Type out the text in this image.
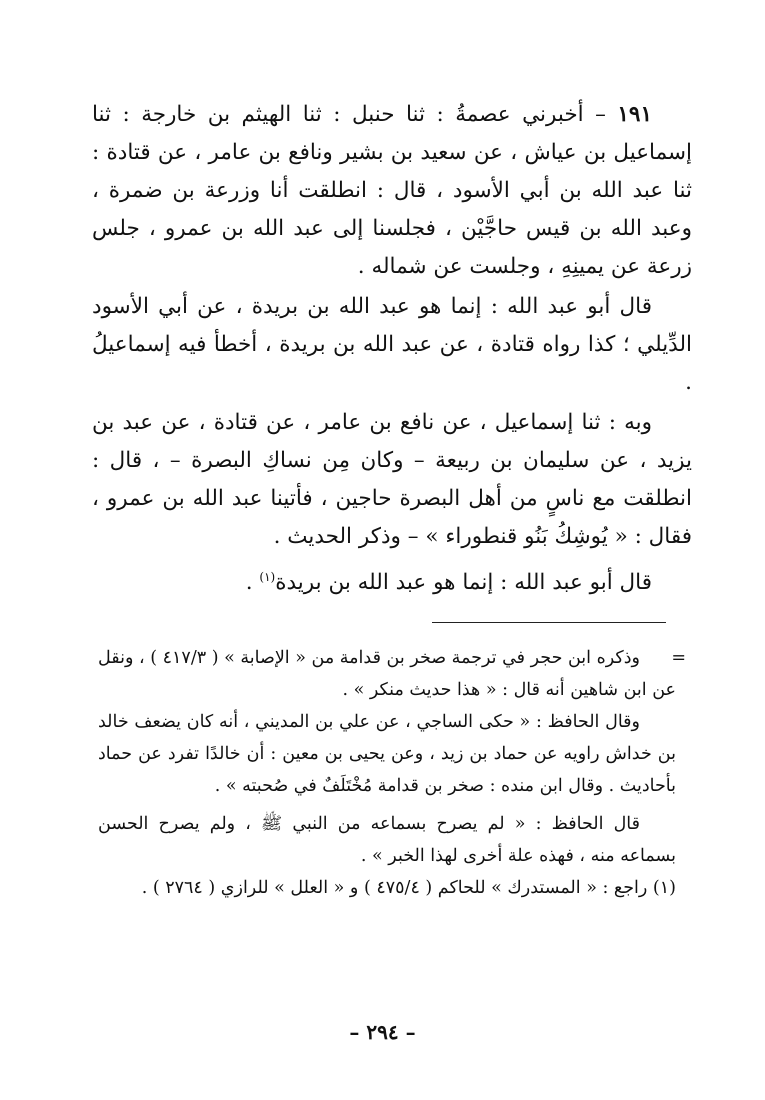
١٩١ – أخبرني عصمةُ : ثنا حنبل : ثنا الهيثم بن خارجة : ثنا إسماعيل بن عياش ، عن سعيد بن بشير ونافع بن عامر ، عن قتادة : ثنا عبد الله بن أبي الأسود ، قال : انطلقت أنا وزرعة بن ضمرة ، وعبد الله بن قيس حاجَّيْن ، فجلسنا إلى عبد الله بن عمرو ، جلس زرعة عن يمينِهِ ، وجلست عن شماله .

قال أبو عبد الله : إنما هو عبد الله بن بريدة ، عن أبي الأسود الدِّيلي ؛ كذا رواه قتادة ، عن عبد الله بن بريدة ، أخطأ فيه إسماعيلُ .

وبه : ثنا إسماعيل ، عن نافع بن عامر ، عن قتادة ، عن عبد بن يزيد ، عن سليمان بن ربيعة – وكان مِن نساكِ البصرة – ، قال : انطلقت مع ناسٍ من أهل البصرة حاجين ، فأتينا عبد الله بن عمرو ، فقال : « يُوشِكُ بَنُو قنطوراء » – وذكر الحديث .

قال أبو عبد الله : إنما هو عبد الله بن بريدة$^{(١)}$ .

=

وذكره ابن حجر في ترجمة صخر بن قدامة من « الإصابة » ( ٤١٧/٣ ) ، ونقل عن ابن شاهين أنه قال : « هذا حديث منكر » .

وقال الحافظ : « حكى الساجي ، عن علي بن المديني ، أنه كان يضعف خالد بن خداش راويه عن حماد بن زيد ، وعن يحيى بن معين : أن خالدًا تفرد عن حماد بأحاديث . وقال ابن منده : صخر بن قدامة مُخْتَلَفٌ في صُحبته » .

قال الحافظ : « لم يصرح بسماعه من النبي ﷺ ، ولم يصرح الحسن بسماعه منه ، فهذه علة أخرى لهذا الخبر » .

(١) راجع : « المستدرك » للحاكم ( ٤٧٥/٤ ) و « العلل » للرازي ( ٢٧٦٤ ) .

– ٢٩٤ –
